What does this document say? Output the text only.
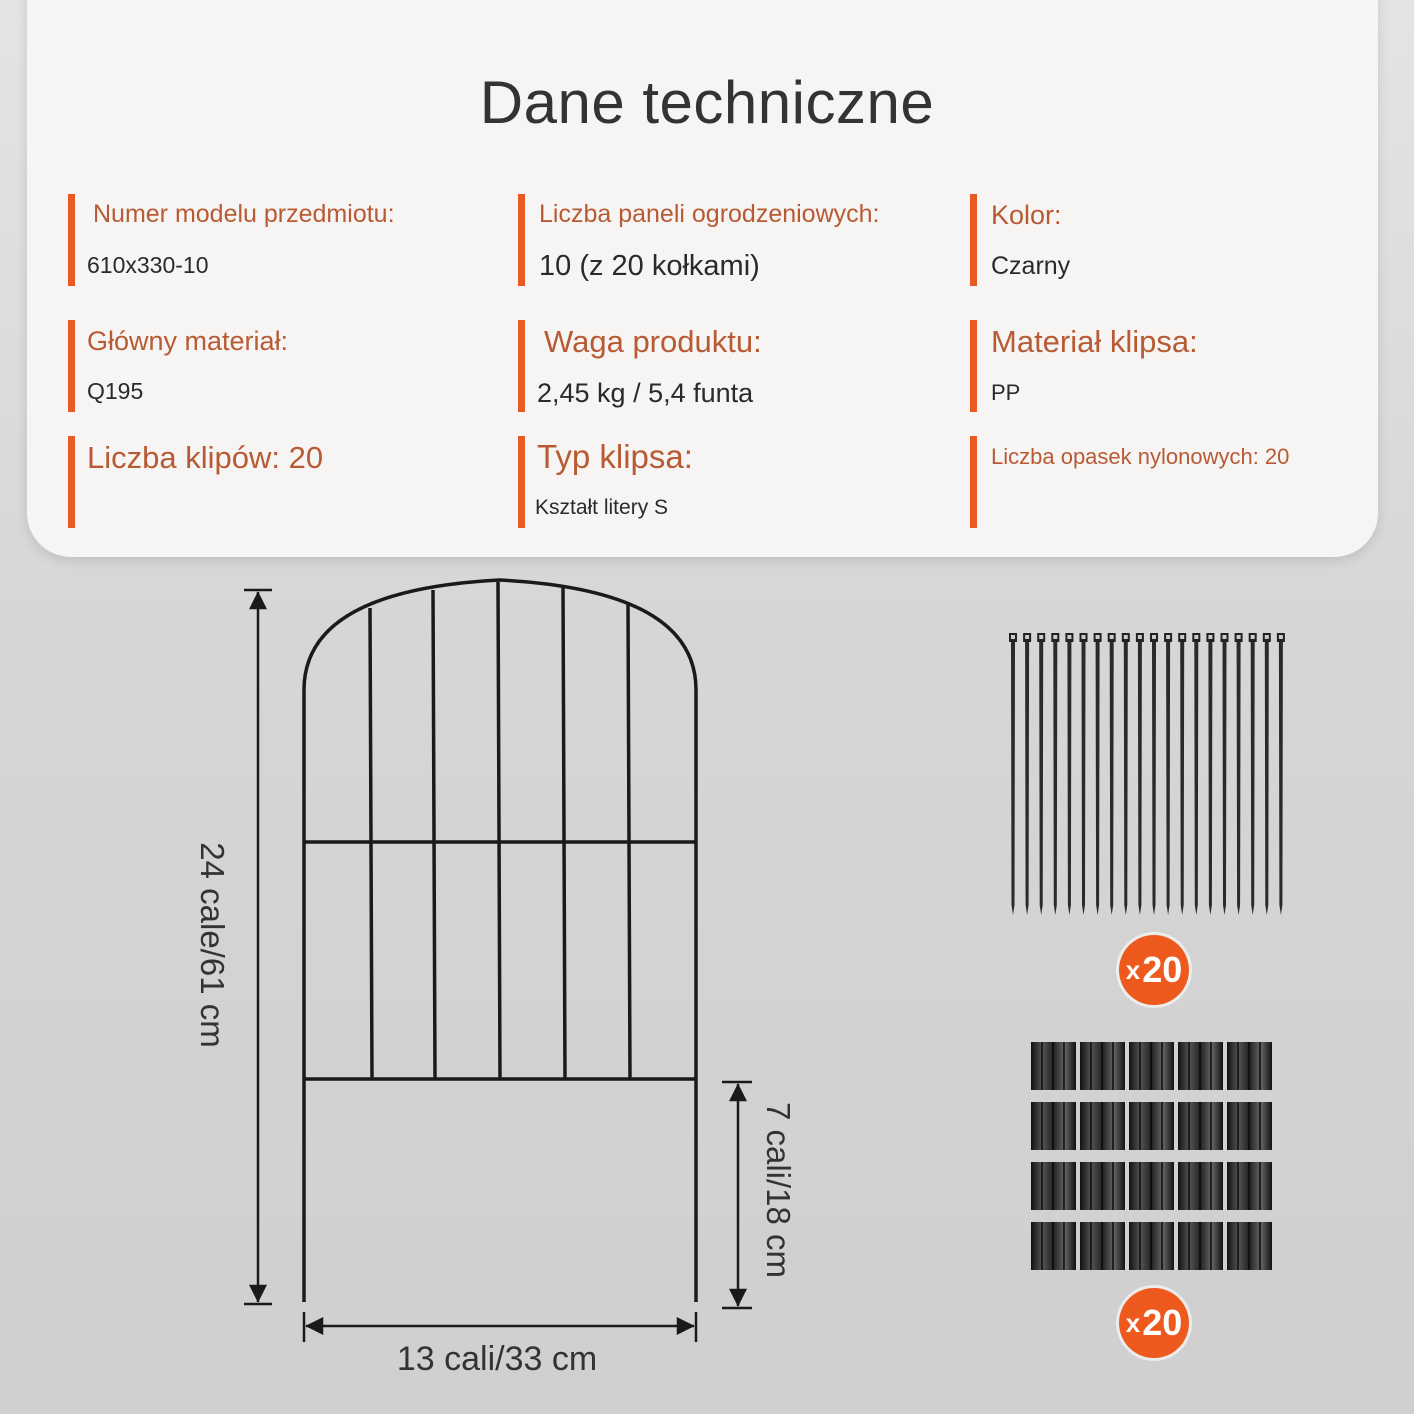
Dane techniczne
Numer modelu przedmiotu:
610x330-10
Liczba paneli ogrodzeniowych:
10 (z 20 kołkami)
Kolor:
Czarny
Główny materiał:
Q195
Waga produktu:
2,45 kg / 5,4 funta
Materiał klipsa:
PP
Liczba klipów: 20	Typ klipsa:
Kształt litery S
Liczba opasek nylonowych: 20
24 cale/61 cm
7 cali/18 cm
13 cali/33 cm
x 20
x 20
